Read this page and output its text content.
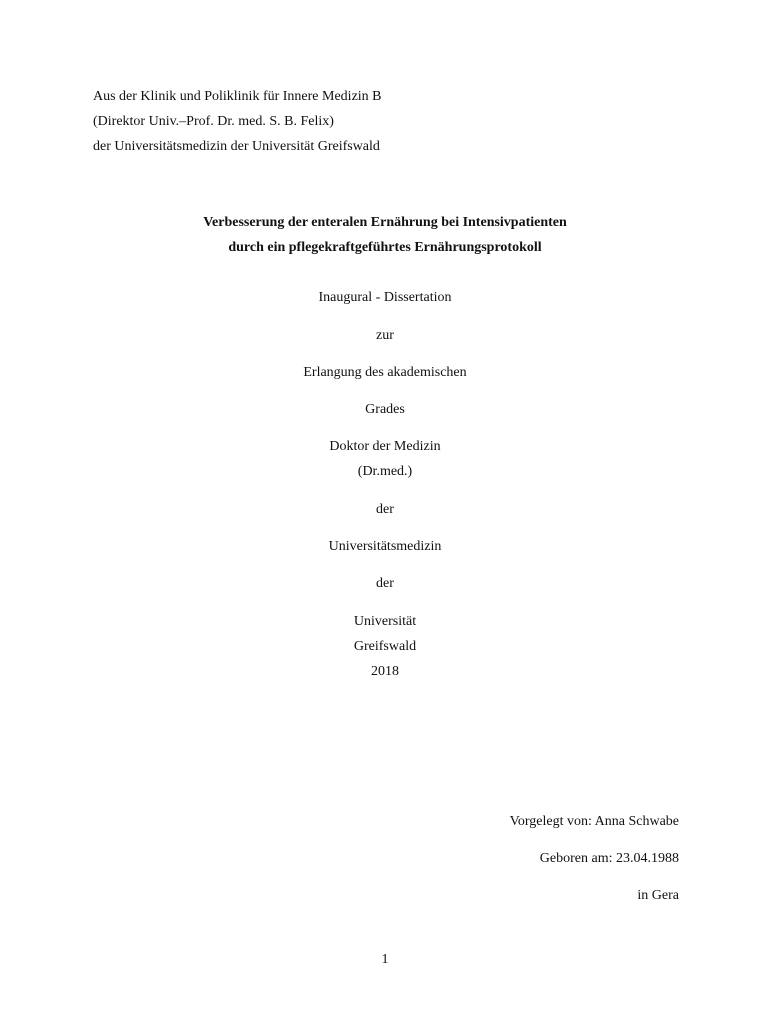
Aus der Klinik und Poliklinik für Innere Medizin B
(Direktor Univ.–Prof. Dr. med. S. B. Felix)
der Universitätsmedizin der Universität Greifswald
Verbesserung der enteralen Ernährung bei Intensivpatienten
durch ein pflegekraftgeführtes Ernährungsprotokoll
Inaugural - Dissertation
zur
Erlangung des akademischen
Grades
Doktor der Medizin
(Dr.med.)
der
Universitätsmedizin
der
Universität
Greifswald
2018
Vorgelegt von: Anna Schwabe
Geboren am: 23.04.1988
in Gera
1
